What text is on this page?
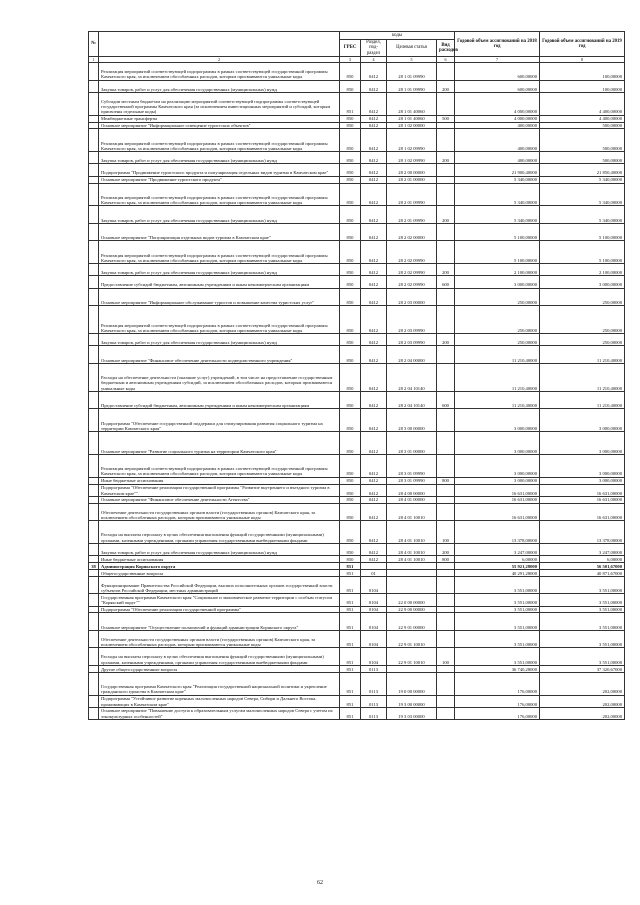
№		коды				Годовой объем ассигнований на 2018 год	Годовой объем ассигнований на 2019 год
		ГРБС	Раздел, под-раздел	Целевая статья	Вид расходов		
1	2	3	4	5	6	7	8
	Реализация мероприятий соответствующей подпрограммы в рамках соответствующей государственной программы Камчатского края, за исключением обособленных расходов, которым присваиваются уникальные коды	850	0412	28 1 01 09990		600,00000	100,00000
	Закупка товаров, работ и услуг для обеспечения государственных (муниципальных) нужд	850	0412	28 1 01 09990	200	600,00000	100,00000
	Субсидии местным бюджетам на реализацию мероприятий соответствующей подпрограммы соответствующей государственной программы Камчатского края (за исключением инвестиционных мероприятий и субсидий, которым присвоены отдельные коды)	851	0412	28 1 01 40060		4 000,00000	4 400,00000
	Межбюджетные трансферты	850	0412	28 1 01 40060	500	4 000,00000	4 400,00000
	Основное мероприятие "Информационное освещение туристских объектов"	850	0412	28 1 02 00000		400,00000	500,00000
	Реализация мероприятий соответствующей подпрограммы в рамках соответствующей государственной программы Камчатского края, за исключением обособленных расходов, которым присваиваются уникальные коды	850	0412	28 1 02 09990		400,00000	500,00000
	Закупка товаров, работ и услуг для обеспечения государственных (муниципальных) нужд	850	0412	28 1 02 09990	200	400,00000	500,00000
	Подпрограмма "Продвижение туристского продукта и популяризация отдельных видов туризма в Камчатском крае"	850	0412	28 2 00 00000		21 900,40000	21 850,40000
	Основное мероприятие "Продвижение туристского продукта"	850	0412	28 2 01 00000		5 340,00000	5 340,00000
	Реализация мероприятий соответствующей подпрограммы в рамках соответствующей государственной программы Камчатского края, за исключением обособленных расходов, которым присваиваются уникальные коды	850	0412	28 2 01 09990		5 340,00000	5 340,00000
	Закупка товаров, работ и услуг для обеспечения государственных (муниципальных) нужд	850	0412	28 2 01 09990	200	5 340,00000	5 340,00000
	Основное мероприятие "Популяризация отдельных видов туризма в Камчатском крае"	850	0412	28 2 02 00000		5 100,00000	5 100,00000
	Реализация мероприятий соответствующей подпрограммы в рамках соответствующей государственной программы Камчатского края, за исключением обособленных расходов, которым присваиваются уникальные коды	850	0412	28 2 02 09990		5 100,00000	5 100,00000
	Закупка товаров, работ и услуг для обеспечения государственных (муниципальных) нужд	850	0412	28 2 02 09990	200	2 100,00000	2 100,00000
	Предоставление субсидий бюджетным, автономным учреждениям и иным некоммерческим организациям	850	0412	28 2 02 09990	600	3 000,00000	3 000,00000
	Основное мероприятие "Информационное обслуживание туристов и повышение качества туристских услуг"	850	0412	28 2 03 00000		250,00000	250,00000
	Реализация мероприятий соответствующей подпрограммы в рамках соответствующей государственной программы Камчатского края, за исключением обособленных расходов, которым присваиваются уникальные коды	850	0412	28 2 03 09990		250,00000	250,00000
	Закупка товаров, работ и услуг для обеспечения государственных (муниципальных) нужд	850	0412	28 2 03 09990	200	250,00000	250,00000
	Основное мероприятие "Финансовое обеспечение деятельности подведомственного учреждения"	850	0412	28 2 04 00000		11 210,40000	11 210,40000
	Расходы на обеспечение деятельности (оказание услуг) учреждений, в том числе на предоставление государственным бюджетным и автономным учреждениям субсидий, за исключением обособленных расходов, которым присваиваются уникальные коды	850	0412	28 2 04 10140		11 210,40000	11 210,40000
	Предоставление субсидий бюджетным, автономным учреждениям и иным некоммерческим организациям	850	0412	28 2 04 10140	600	11 210,40000	11 210,40000
	Подпрограмма "Обеспечение государственной поддержки для стимулирования развития социального туризма на территории Камчатского края"	850	0412	28 3 00 00000		3 000,00000	3 000,00000
	Основное мероприятие "Развитие социального туризма на территории Камчатского края"	850	0412	28 3 01 00000		3 000,00000	3 000,00000
	Реализация мероприятий соответствующей подпрограммы в рамках соответствующей государственной программы Камчатского края, за исключением обособленных расходов, которым присваиваются уникальные коды	850	0412	28 3 01 09990		3 000,00000	3 000,00000
	Иные бюджетные ассигнования	850	0412	28 3 01 09990	800	3 000,00000	3 000,00000
	Подпрограмма "Обеспечение реализации государственной программы "Развитие внутреннего и въездного туризма в Камчатском крае""	850	0412	28 4 00 00000		16 631,00000	16 631,00000
	Основное мероприятие "Финансовое обеспечение деятельности Агентства"	850	0412	28 4 01 00000		16 631,00000	16 631,00000
	Обеспечение деятельности государственных органов власти (государственных органов) Камчатского края, за исключением обособленных расходов, которым присваиваются уникальные коды	850	0412	28 4 01 10010		16 631,00000	16 631,00000
	Расходы на выплаты персоналу в целях обеспечения выполнения функций государственными (муниципальными) органами, казенными учреждениями, органами управления государственными внебюджетными фондами	850	0412	28 4 01 10010	100	13 378,00000	13 378,00000
	Закупка товаров, работ и услуг для обеспечения государственных (муниципальных) нужд	850	0412	28 4 01 10010	200	3 247,00000	3 247,00000
	Иные бюджетные ассигнования	850	0412	28 4 01 10010	800	6,00000	6,00000
38	Администрация Корякского округа	851				55 921,28000	56 501,67000
	Общегосударственные вопросы	851	01			40 291,28000	40 871,67000
	Функционирование Правительства Российской Федерации, высших исполнительных органов государственной власти субъектов Российской Федерации, местных администраций	851	0104			3 551,00000	3 551,00000
	Государственная программа Камчатского края "Социальное и экономическое развитие территории с особым статусом "Корякский округ""	851	0104	22 0 00 00000		3 551,00000	3 551,00000
	Подпрограмма "Обеспечение реализации государственной программы"	851	0104	22 9 00 00000		3 551,00000	3 551,00000
	Основное мероприятие "Осуществление полномочий и функций администрации Корякского округа"	851	0104	22 9 01 00000		3 551,00000	3 551,00000
	Обеспечение деятельности государственных органов власти (государственных органов) Камчатского края, за исключением обособленных расходов, которым присваиваются уникальные коды	851	0104	22 9 01 10010		3 551,00000	3 551,00000
	Расходы на выплаты персоналу в целях обеспечения выполнения функций государственными (муниципальными) органами, казенными учреждениями, органами управления государственными внебюджетными фондами	851	0104	22 9 01 10010	100	3 551,00000	3 551,00000
	Другие общегосударственные вопросы	851	0113			36 740,28000	37 320,67000
	Государственная программа Камчатского края "Реализация государственной национальной политики и укрепление гражданского единства в Камчатском крае"	851	0113	19 0 00 00000		176,00000	202,00000
	Подпрограмма "Устойчивое развитие коренных малочисленных народов Севера, Сибири и Дальнего Востока, проживающих в Камчатском крае"	851	0113	19 3 00 00000		176,00000	202,00000
	Основное мероприятие "Повышение доступа к образовательным услугам малочисленных народов Севера с учетом их этнокультурных особенностей"	851	0113	19 3 03 00000		176,00000	202,00000
62
